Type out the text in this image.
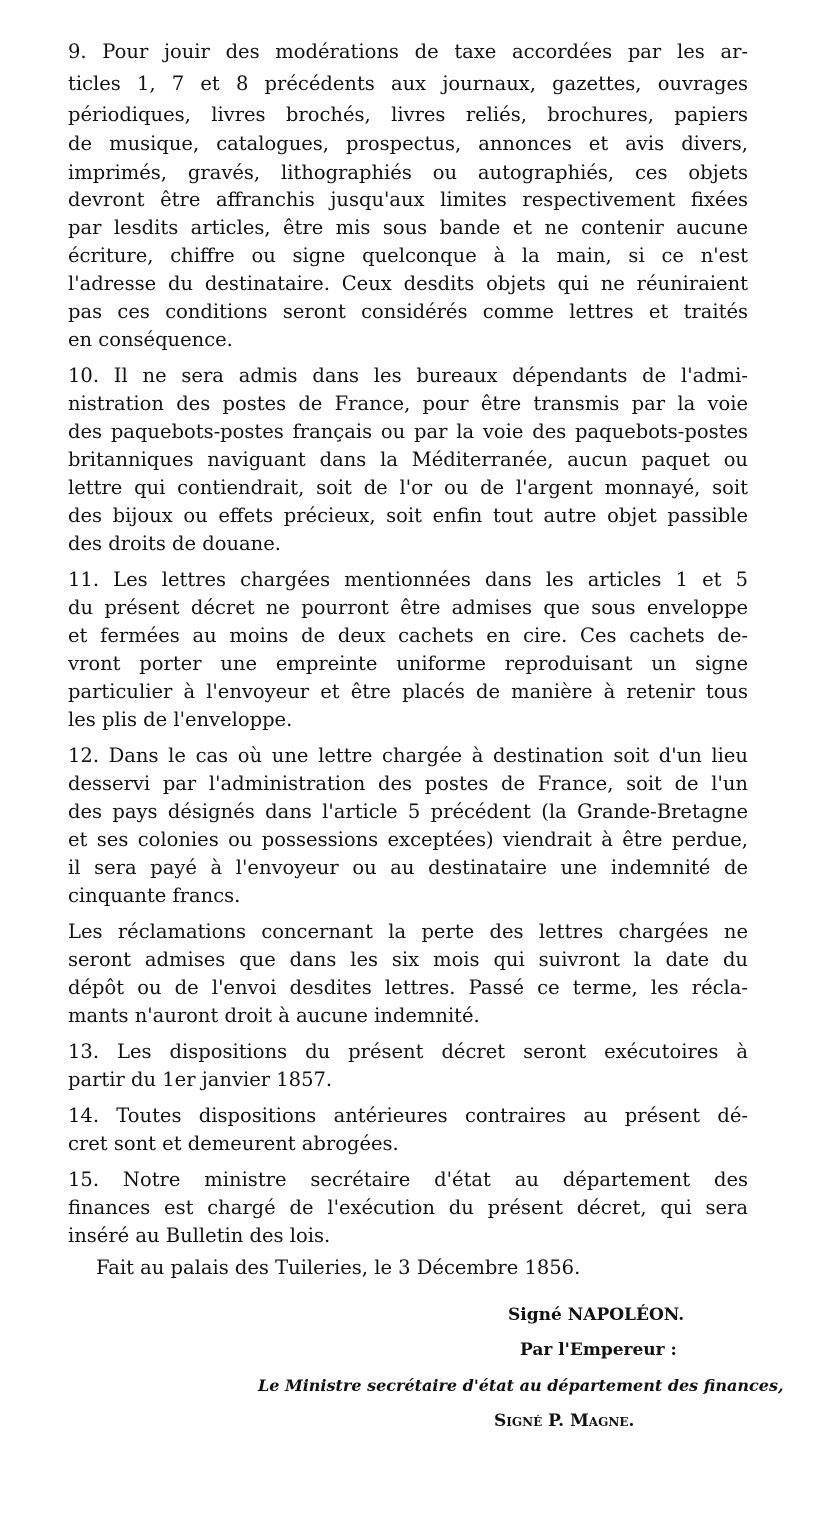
9. Pour jouir des modérations de taxe accordées par les ar-
ticles 1, 7 et 8 précédents aux journaux, gazettes, ouvrages
périodiques, livres brochés, livres reliés, brochures, papiers
de musique, catalogues, prospectus, annonces et avis divers,
imprimés, gravés, lithographiés ou autographiés, ces objets
devront être affranchis jusqu'aux limites respectivement fixées
par lesdits articles, être mis sous bande et ne contenir aucune
écriture, chiffre ou signe quelconque à la main, si ce n'est
l'adresse du destinataire. Ceux desdits objets qui ne réuniraient
pas ces conditions seront considérés comme lettres et traités
en conséquence.
10. Il ne sera admis dans les bureaux dépendants de l'admi-
nistration des postes de France, pour être transmis par la voie
des paquebots-postes français ou par la voie des paquebots-postes
britanniques naviguant dans la Méditerranée, aucun paquet ou
lettre qui contiendrait, soit de l'or ou de l'argent monnayé, soit
des bijoux ou effets précieux, soit enfin tout autre objet passible
des droits de douane.
11. Les lettres chargées mentionnées dans les articles 1 et 5
du présent décret ne pourront être admises que sous enveloppe
et fermées au moins de deux cachets en cire. Ces cachets de-
vront porter une empreinte uniforme reproduisant un signe
particulier à l'envoyeur et être placés de manière à retenir tous
les plis de l'enveloppe.
12. Dans le cas où une lettre chargée à destination soit d'un lieu
desservi par l'administration des postes de France, soit de l'un
des pays désignés dans l'article 5 précédent (la Grande-Bretagne
et ses colonies ou possessions exceptées) viendrait à être perdue,
il sera payé à l'envoyeur ou au destinataire une indemnité de
cinquante francs.
Les réclamations concernant la perte des lettres chargées ne
seront admises que dans les six mois qui suivront la date du
dépôt ou de l'envoi desdites lettres. Passé ce terme, les récla-
mants n'auront droit à aucune indemnité.
13. Les dispositions du présent décret seront exécutoires à
partir du 1er janvier 1857.
14. Toutes dispositions antérieures contraires au présent dé-
cret sont et demeurent abrogées.
15. Notre ministre secrétaire d'état au département des
finances est chargé de l'exécution du présent décret, qui sera
inséré au Bulletin des lois.
Fait au palais des Tuileries, le 3 Décembre 1856.
Signé NAPOLÉON.
Par l'Empereur :
Le Ministre secrétaire d'état au département des finances,
Signé P. Magne.
